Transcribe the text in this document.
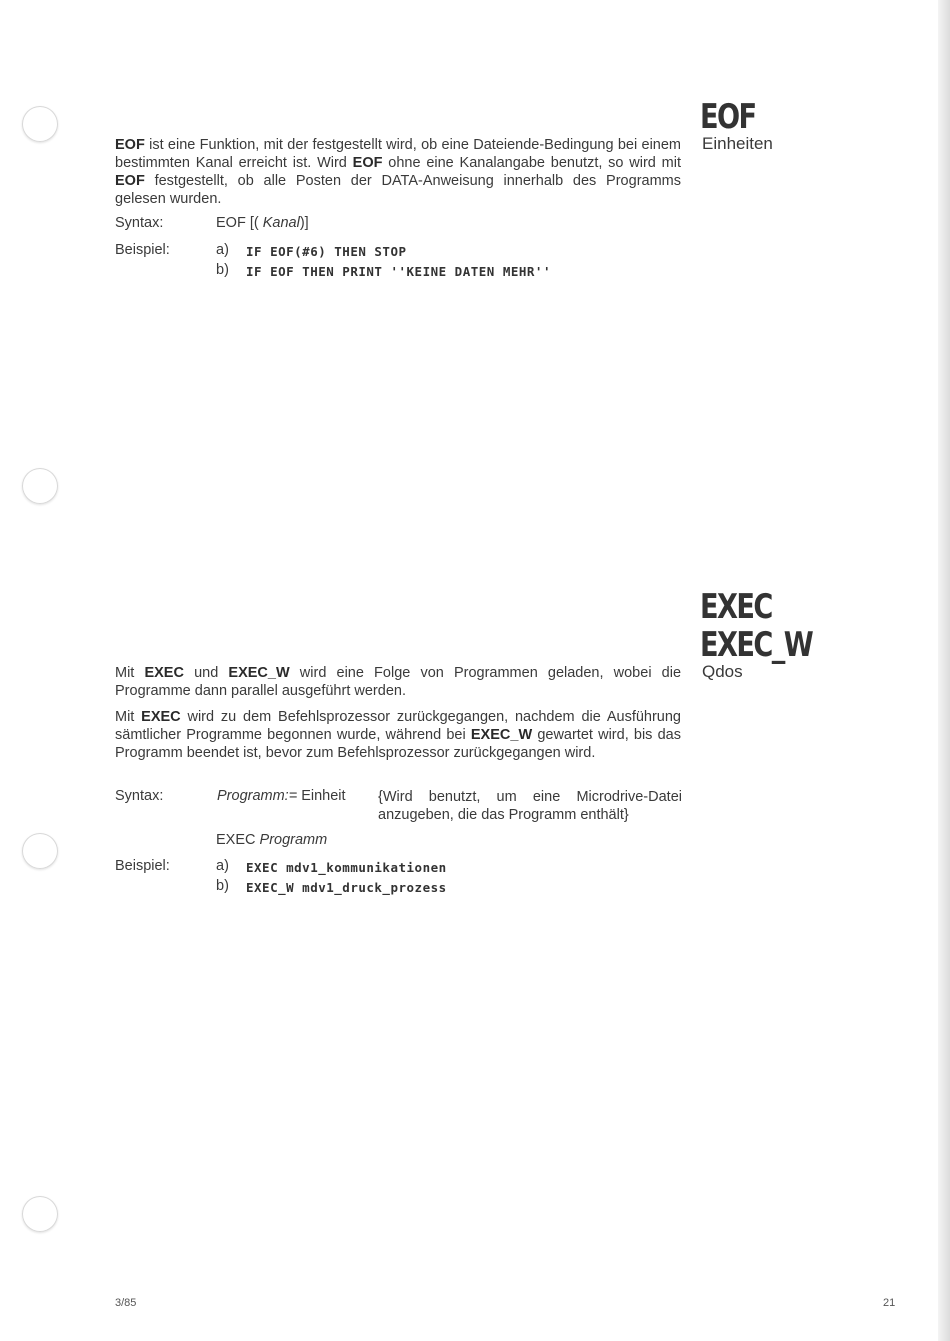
EOF
Einheiten

EOF ist eine Funktion, mit der festgestellt wird, ob eine Dateiende-Bedingung bei einem bestimmten Kanal erreicht ist. Wird EOF ohne eine Kanalangabe benutzt, so wird mit EOF festgestellt, ob alle Posten der DATA-Anweisung innerhalb des Programms gelesen wurden.

Syntax:	EOF [( Kanal)]
Beispiel:	a) IF EOF(#6) THEN STOP
b) IF EOF THEN PRINT ''KEINE DATEN MEHR''
EXEC
EXEC_W
Qdos

Mit EXEC und EXEC_W wird eine Folge von Programmen geladen, wobei die Programme dann parallel ausgeführt werden.

Mit EXEC wird zu dem Befehlsprozessor zurückgegangen, nachdem die Ausführung sämtlicher Programme begonnen wurde, während bei EXEC_W gewartet wird, bis das Programm beendet ist, bevor zum Befehlsprozessor zurückgegangen wird.

Syntax:	Programm:= Einheit {Wird benutzt, um eine Microdrive-Datei anzugeben, die das Programm enthält}
EXEC Programm
Beispiel:	a) EXEC mdv1_kommunikationen
b) EXEC_W mdv1_druck_prozess
3/85	21
